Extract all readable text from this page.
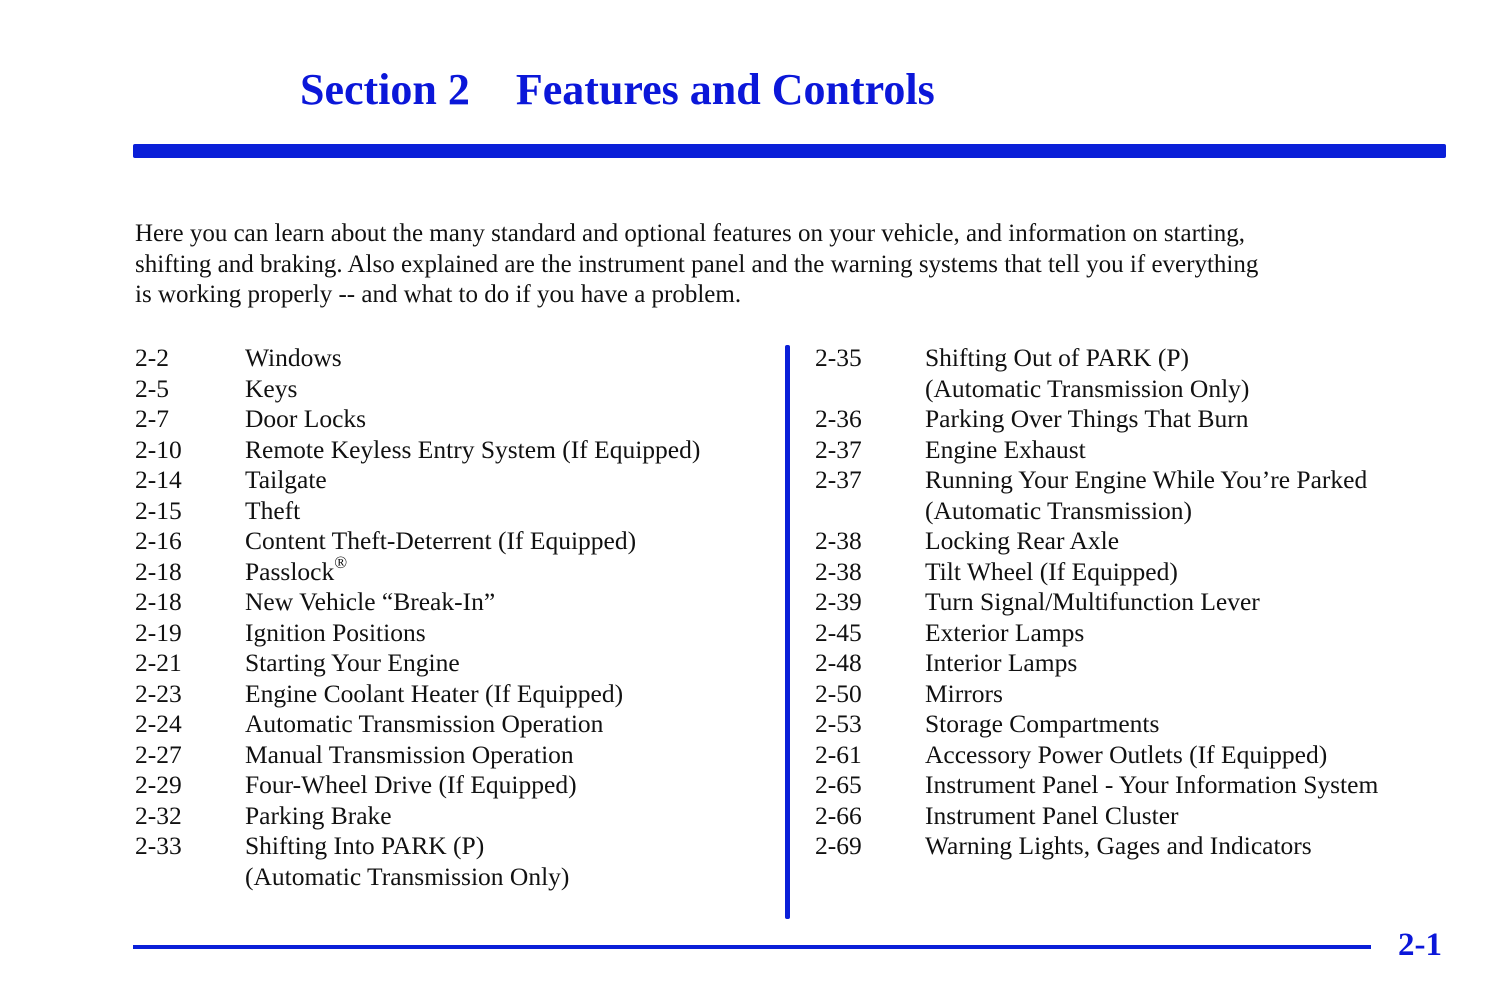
Section 2 Features and Controls
Here you can learn about the many standard and optional features on your vehicle, and information on starting,
shifting and braking. Also explained are the instrument panel and the warning systems that tell you if everything
is working properly -- and what to do if you have a problem.
2-2	Windows
2-5	Keys
2-7	Door Locks
2-10	Remote Keyless Entry System (If Equipped)
2-14	Tailgate
2-15	Theft
2-16	Content Theft-Deterrent (If Equipped)
2-18	Passlock®
2-18	New Vehicle “Break-In”
2-19	Ignition Positions
2-21	Starting Your Engine
2-23	Engine Coolant Heater (If Equipped)
2-24	Automatic Transmission Operation
2-27	Manual Transmission Operation
2-29	Four-Wheel Drive (If Equipped)
2-32	Parking Brake
2-33	Shifting Into PARK (P)
(Automatic Transmission Only)
2-35	Shifting Out of PARK (P)
(Automatic Transmission Only)
2-36	Parking Over Things That Burn
2-37	Engine Exhaust
2-37	Running Your Engine While You’re Parked
(Automatic Transmission)
2-38	Locking Rear Axle
2-38	Tilt Wheel (If Equipped)
2-39	Turn Signal/Multifunction Lever
2-45	Exterior Lamps
2-48	Interior Lamps
2-50	Mirrors
2-53	Storage Compartments
2-61	Accessory Power Outlets (If Equipped)
2-65	Instrument Panel - Your Information System
2-66	Instrument Panel Cluster
2-69	Warning Lights, Gages and Indicators
2-1
